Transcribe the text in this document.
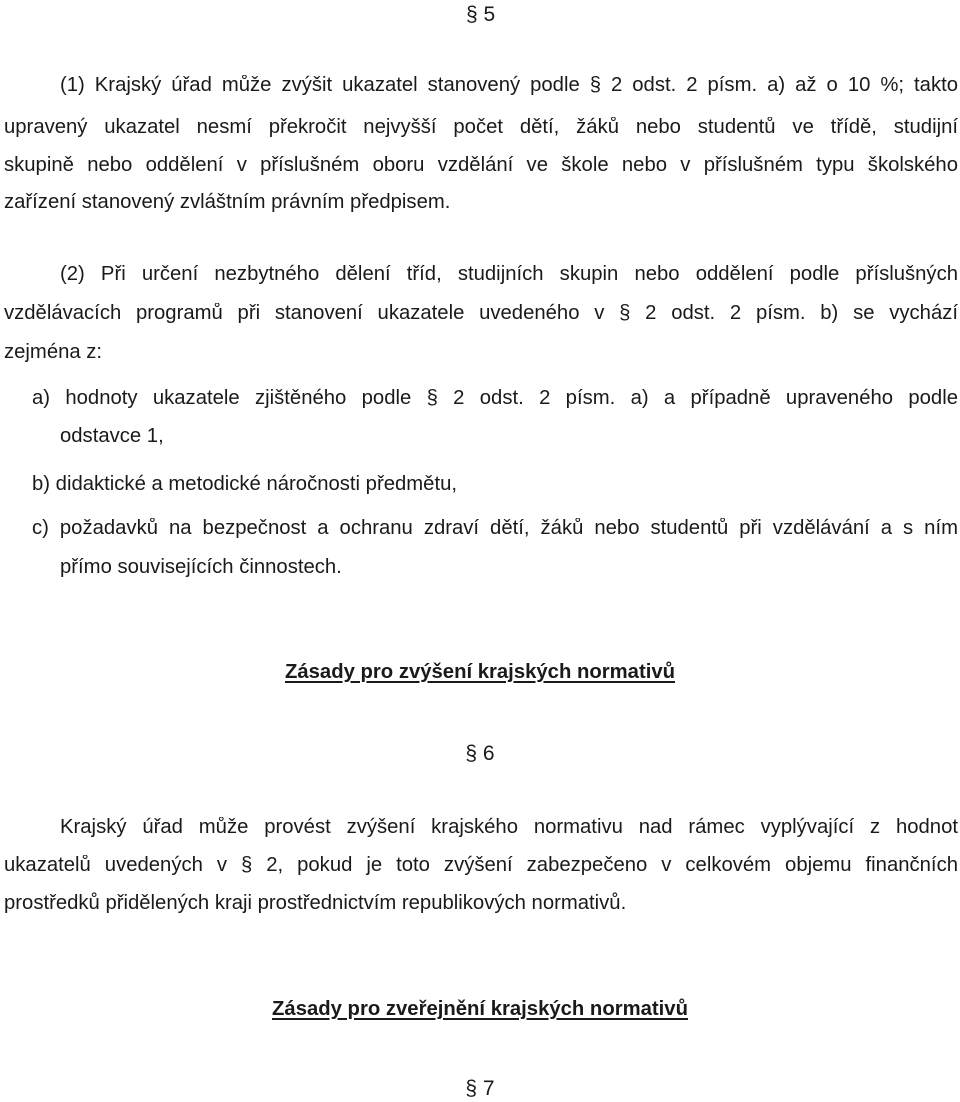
§ 5
(1) Krajský úřad může zvýšit ukazatel stanovený podle § 2 odst. 2 písm. a) až o 10 %; takto
upravený ukazatel nesmí překročit nejvyšší počet dětí, žáků nebo studentů ve třídě, studijní
skupině nebo oddělení v příslušném oboru vzdělání ve škole nebo v příslušném typu školského
zařízení stanovený zvláštním právním předpisem.
(2) Při určení nezbytného dělení tříd, studijních skupin nebo oddělení podle příslušných
vzdělávacích programů při stanovení ukazatele uvedeného v § 2 odst. 2 písm. b) se vychází
zejména z:
a) hodnoty ukazatele zjištěného podle § 2 odst. 2 písm. a) a případně upraveného podle
odstavce 1,
b) didaktické a metodické náročnosti předmětu,
c) požadavků na bezpečnost a ochranu zdraví dětí, žáků nebo studentů při vzdělávání a s ním
přímo souvisejících činnostech.
Zásady pro zvýšení krajských normativů
§ 6
Krajský úřad může provést zvýšení krajského normativu nad rámec vyplývající z hodnot
ukazatelů uvedených v § 2, pokud je toto zvýšení zabezpečeno v celkovém objemu finančních
prostředků přidělených kraji prostřednictvím republikových normativů.
Zásady pro zveřejnění krajských normativů
§ 7
